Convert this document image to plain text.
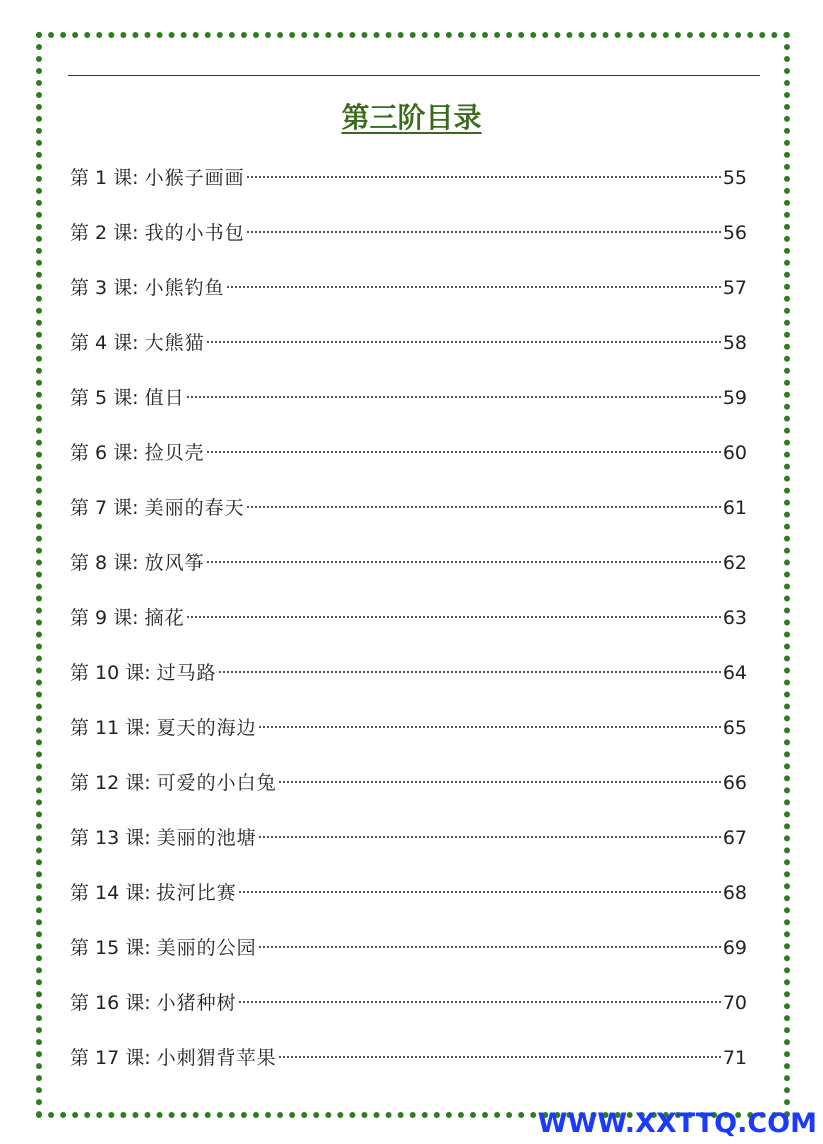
第三阶目录
第 1 课: 小猴子画画	55
第 2 课: 我的小书包	56
第 3 课: 小熊钓鱼	57
第 4 课: 大熊猫	58
第 5 课: 值日	59
第 6 课: 捡贝壳	60
第 7 课: 美丽的春天	61
第 8 课: 放风筝	62
第 9 课: 摘花	63
第 10 课: 过马路	64
第 11 课: 夏天的海边	65
第 12 课: 可爱的小白兔	66
第 13 课: 美丽的池塘	67
第 14 课: 拔河比赛	68
第 15 课: 美丽的公园	69
第 16 课: 小猪种树	70
第 17 课: 小刺猬背苹果	71
WWW.XXTTQ.COM
